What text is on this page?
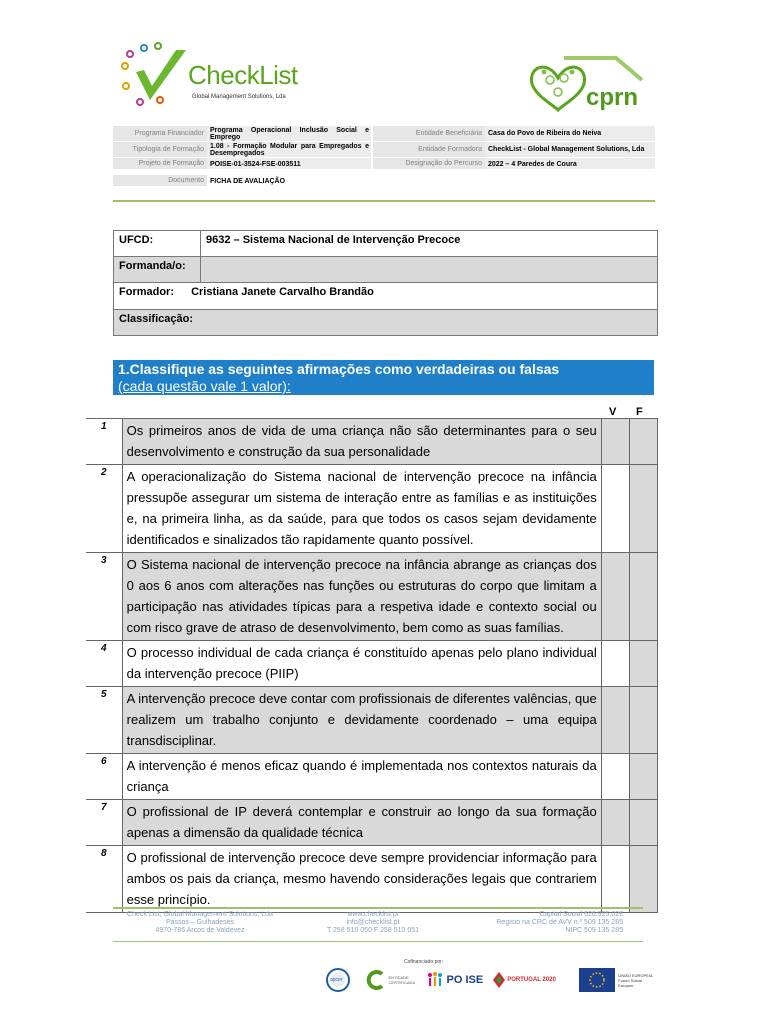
CheckList
Global Management Solutions, Lda	cprn
Programa Financiador Programa Operacional Inclusão Social e Emprego
Entidade Beneficiária Casa do Povo de Ribeira do Neiva
Tipologia de Formação 1.08 - Formação Modular para Empregados e Desempregados
Entidade Formadora CheckList - Global Management Solutions, Lda
Projeto de Formação POISE-01-3524-FSE-003511	Designação do Percurso 2022 – 4 Paredes de Coura
Documento FICHA DE AVALIAÇÃO
UFCD:	9632 – Sistema Nacional de Intervenção Precoce
Formanda/o:	
Formador: Cristiana Janete Carvalho Brandão	
Classificação:	
1.Classifique as seguintes afirmações como verdadeiras ou falsas
(cada questão vale 1 valor):
V F
1	Os primeiros anos de vida de uma criança não são determinantes para o seu desenvolvimento e construção da sua personalidade		
2	A operacionalização do Sistema nacional de intervenção precoce na infância pressupõe assegurar um sistema de interação entre as famílias e as instituições e, na primeira linha, as da saúde, para que todos os casos sejam devidamente identificados e sinalizados tão rapidamente quanto possível.		
3	O Sistema nacional de intervenção precoce na infância abrange as crianças dos 0 aos 6 anos com alterações nas funções ou estruturas do corpo que limitam a participação nas atividades típicas para a respetiva idade e contexto social ou com risco grave de atraso de desenvolvimento, bem como as suas famílias.		
4	O processo individual de cada criança é constituído apenas pelo plano individual da intervenção precoce (PIIP)		
5	A intervenção precoce deve contar com profissionais de diferentes valências, que realizem um trabalho conjunto e devidamente coordenado – uma equipa transdisciplinar.		
6	A intervenção é menos eficaz quando é implementada nos contextos naturais da criança		
7	O profissional de IP deverá contemplar e construir ao longo da sua formação apenas a dimensão da qualidade técnica		
8	O profissional de intervenção precoce deve sempre providenciar informação para ambos os pais da criança, mesmo havendo considerações legais que contrariem esse princípio.		
Check List, Global Management Solutions, Lda
Passos – Gulhadeses
4970-786 Arcos de Valdevez
www.checklist.pt
info@checklist.pt
T 258 510 050 F 258 510 051
Capital Social 626.925,02€
Registo na CRC de AVV n.º 509 135 285
NIPC 509 135 285
Cofinanciado por:
apcer	ENTIDADE CERTIFICADA	PO ISE	PORTUGAL 2020
UNIÃO EUROPEIA Fundo Social Europeu
